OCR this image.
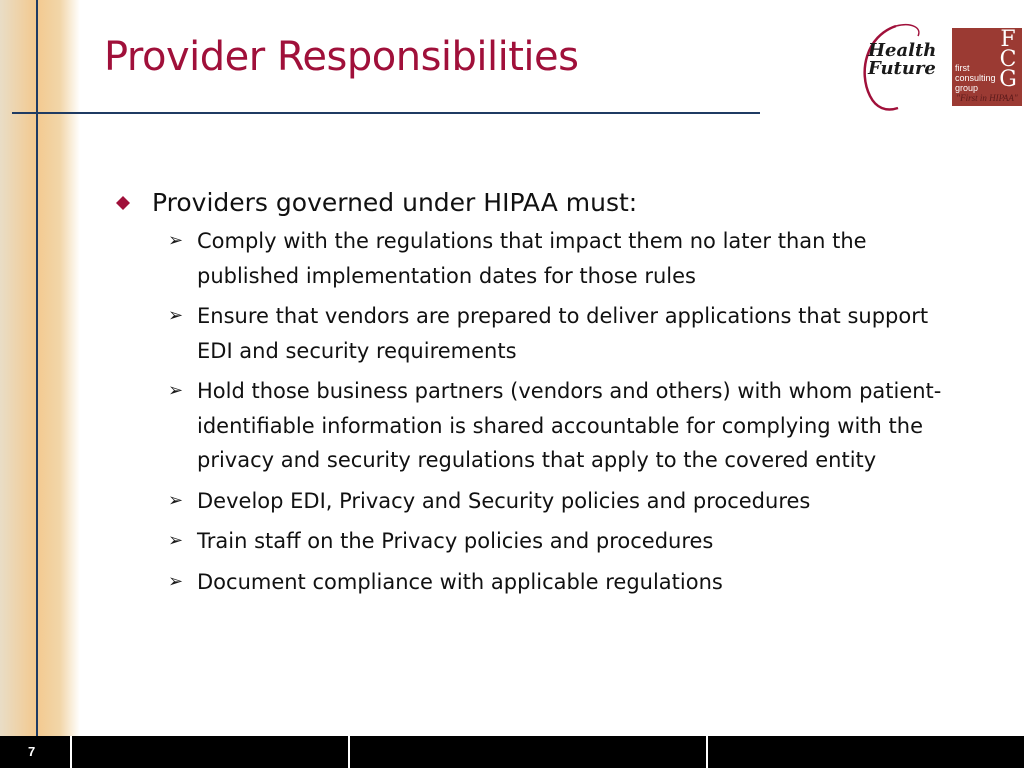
Provider Responsibilities	Health
Future
F
C
G
first
consulting
group
"First in HIPAA"
Providers governed under HIPAA must:
➢ Comply with the regulations that impact them no later than the published implementation dates for those rules
➢ Ensure that vendors are prepared to deliver applications that support EDI and security requirements
➢ Hold those business partners (vendors and others) with whom patient-identifiable information is shared accountable for complying with the privacy and security regulations that apply to the covered entity
➢ Develop EDI, Privacy and Security policies and procedures
➢ Train staff on the Privacy policies and procedures
➢ Document compliance with applicable regulations
7
